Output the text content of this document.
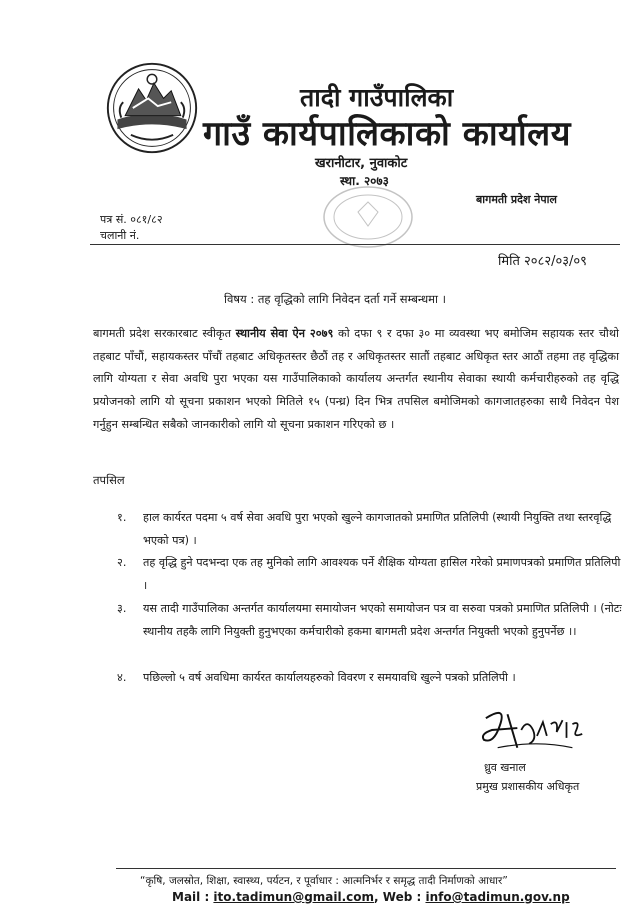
तादी गाउँपालिका
गाउँ कार्यपालिकाको कार्यालय
खरानीटार, नुवाकोट
स्था. २०७३
बागमती प्रदेश नेपाल
पत्र सं. ०८१/८२
चलानी नं.
मिति २०८२/०३/०९
विषय : तह वृद्धिको लागि निवेदन दर्ता गर्ने सम्बन्धमा ।
बागमती प्रदेश सरकारबाट स्वीकृत स्थानीय सेवा ऐन २०७९ को दफा ९ र दफा ३० मा व्यवस्था भए बमोजिम सहायक स्तर चौथो तहबाट पाँचौं, सहायकस्तर पाँचौं तहबाट अधिकृतस्तर छैठौं तह र अधिकृतस्तर सातौं तहबाट अधिकृत स्तर आठौं तहमा तह वृद्धिका लागि योग्यता र सेवा अवधि पुरा भएका यस गाउँपालिकाको कार्यालय अन्तर्गत स्थानीय सेवाका स्थायी कर्मचारीहरुको तह वृद्धि प्रयोजनको लागि यो सूचना प्रकाशन भएको मितिले १५ (पन्ध्र) दिन भित्र तपसिल बमोजिमको कागजातहरुका साथै निवेदन पेश गर्नुहुन सम्बन्धित सबैको जानकारीको लागि यो सूचना प्रकाशन गरिएको छ ।
तपसिल
१. हाल कार्यरत पदमा ५ वर्ष सेवा अवधि पुरा भएको खुल्ने कागजातको प्रमाणित प्रतिलिपी (स्थायी नियुक्ति तथा स्तरवृद्धि भएको पत्र) ।
२. तह वृद्धि हुने पदभन्दा एक तह मुनिको लागि आवश्यक पर्ने शैक्षिक योग्यता हासिल गरेको प्रमाणपत्रको प्रमाणित प्रतिलिपी ।
३. यस तादी गाउँपालिका अन्तर्गत कार्यालयमा समायोजन भएको समायोजन पत्र वा सरुवा पत्रको प्रमाणित प्रतिलिपी । (नोटः स्थानीय तहकै लागि नियुक्ती हुनुभएका कर्मचारीको हकमा बागमती प्रदेश अन्तर्गत नियुक्ती भएको हुनुपर्नेछ ।।
४. पछिल्लो ५ वर्ष अवधिमा कार्यरत कार्यालयहरुको विवरण र समयावधि खुल्ने पत्रको प्रतिलिपी ।
ध्रुव खनाल
प्रमुख प्रशासकीय अधिकृत
“कृषि, जलस्रोत, शिक्षा, स्वास्थ्य, पर्यटन, र पूर्वाधार : आत्मनिर्भर र समृद्ध तादी निर्माणको आधार”
Mail : ito.tadimun@gmail.com, Web : info@tadimun.gov.np
